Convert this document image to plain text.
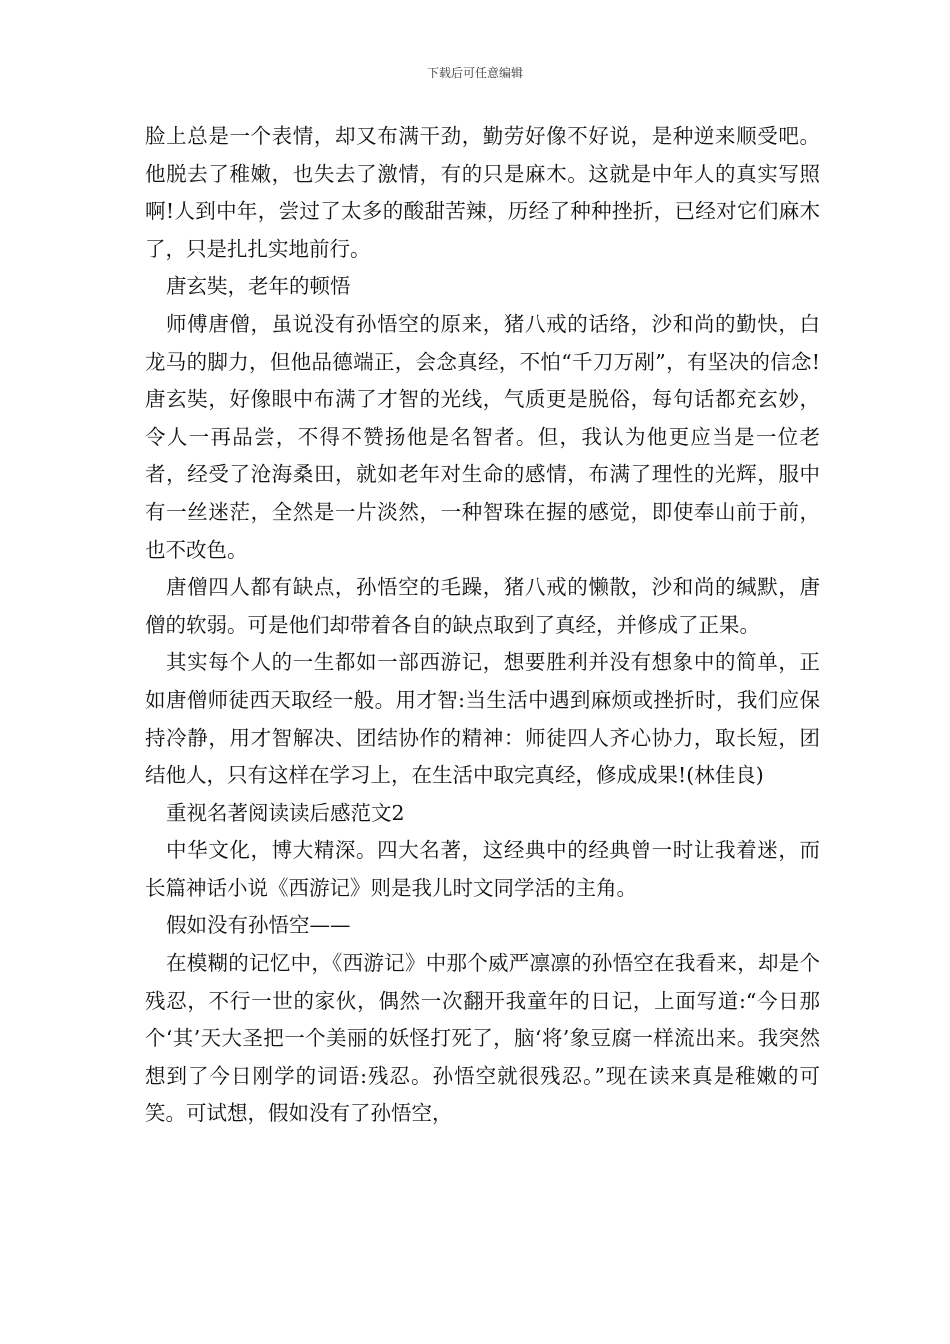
下载后可任意编辑

脸上总是一个表情，却又布满干劲，勤劳好像不好说，是种逆来顺受吧。他脱去了稚嫩，也失去了激情，有的只是麻木。这就是中年人的真实写照啊!人到中年，尝过了太多的酸甜苦辣，历经了种种挫折，已经对它们麻木了，只是扎扎实地前行。

唐玄奘，老年的顿悟

师傅唐僧，虽说没有孙悟空的原来，猪八戒的话络，沙和尚的勤快，白龙马的脚力，但他品德端正，会念真经，不怕“千刀万剐”，有坚决的信念!唐玄奘，好像眼中布满了才智的光线，气质更是脱俗，每句话都充玄妙，令人一再品尝，不得不赞扬他是名智者。但，我认为他更应当是一位老者，经受了沧海桑田，就如老年对生命的感情，布满了理性的光辉，服中有一丝迷茫，全然是一片淡然，一种智珠在握的感觉，即使奉山前于前，也不改色。

唐僧四人都有缺点，孙悟空的毛躁，猪八戒的懒散，沙和尚的缄默，唐僧的软弱。可是他们却带着各自的缺点取到了真经，并修成了正果。

其实每个人的一生都如一部西游记，想要胜利并没有想象中的简单，正如唐僧师徒西天取经一般。用才智:当生活中遇到麻烦或挫折时，我们应保持冷静，用才智解决、团结协作的精神：师徒四人齐心协力，取长短，团结他人，只有这样在学习上，在生活中取完真经，修成成果!(林佳良)

重视名著阅读读后感范文2

中华文化，博大精深。四大名著，这经典中的经典曾一时让我着迷，而长篇神话小说《西游记》则是我儿时文同学活的主角。

假如没有孙悟空——

在模糊的记忆中，《西游记》中那个威严凛凛的孙悟空在我看来，却是个残忍，不行一世的家伙，偶然一次翻开我童年的日记，上面写道:“今日那个‘其’天大圣把一个美丽的妖怪打死了，脑‘将’象豆腐一样流出来。我突然想到了今日刚学的词语:残忍。孙悟空就很残忍。”现在读来真是稚嫩的可笑。可试想，假如没有了孙悟空，
